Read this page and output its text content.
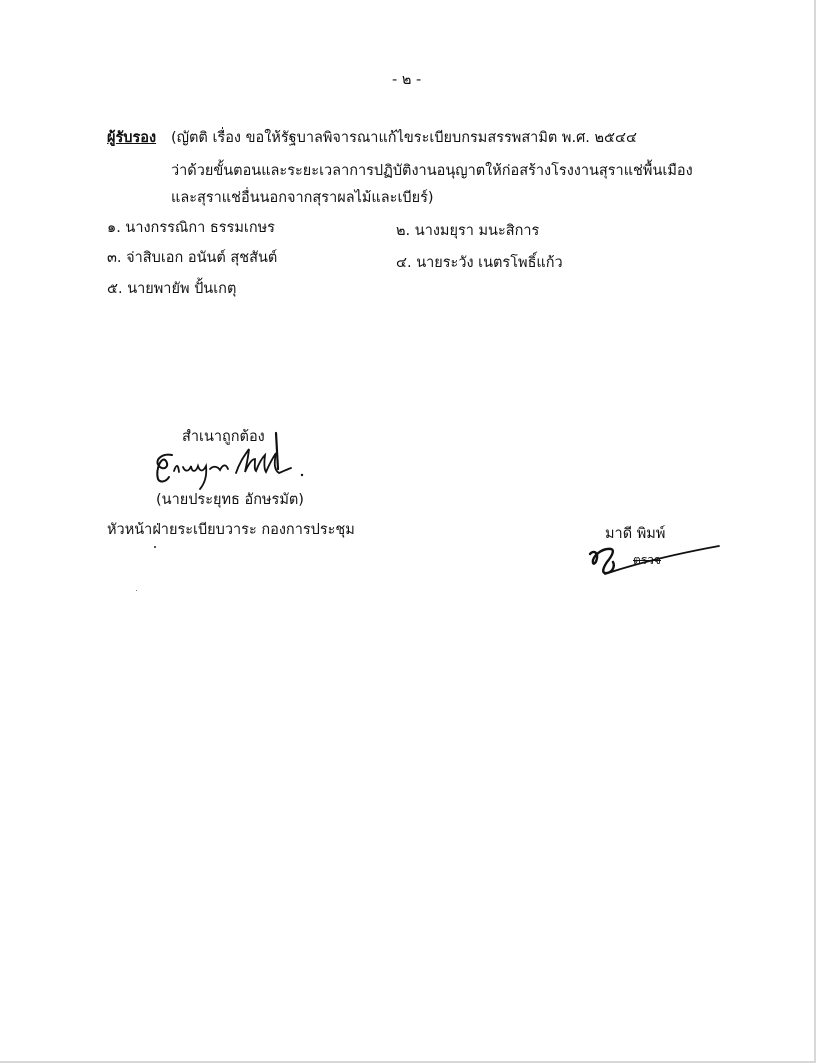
- ๒ -
ผู้รับรอง (ญัตติ เรื่อง ขอให้รัฐบาลพิจารณาแก้ไขระเบียบกรมสรรพสามิต พ.ศ. ๒๕๔๔
ว่าด้วยขั้นตอนและระยะเวลาการปฏิบัติงานอนุญาตให้ก่อสร้างโรงงานสุราแช่พื้นเมือง
และสุราแช่อื่นนอกจากสุราผลไม้และเบียร์)
๑. นางกรรณิกา ธรรมเกษร	๒. นางมยุรา มนะสิการ
๓. จ่าสิบเอก อนันต์ สุชสันต์	๔. นายระวัง เนตรโพธิ์แก้ว
๕. นายพายัพ ปั้นเกตุ
สำเนาถูกต้อง
(นายประยุทธ อักษรมัต)
หัวหน้าฝ่ายระเบียบวาระ กองการประชุม	มาดี พิมพ์
ตรวจ
